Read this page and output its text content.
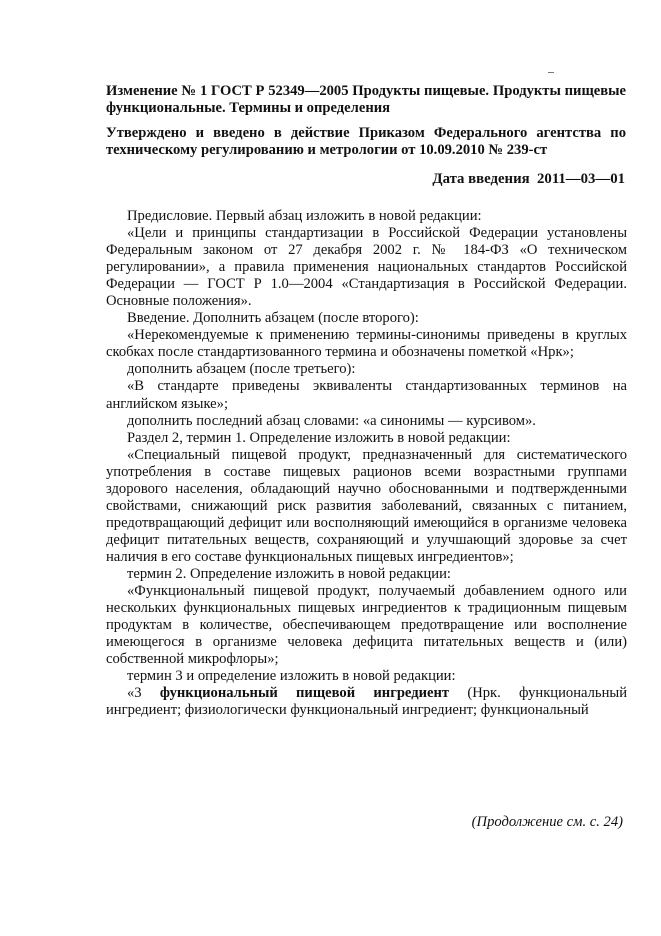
Изменение № 1 ГОСТ Р 52349—2005 Продукты пищевые. Продукты пищевые функциональные. Термины и определения
Утверждено и введено в действие Приказом Федерального агентства по техническому регулированию и метрологии от 10.09.2010 № 239-ст
Дата введения 2011—03—01

Предисловие. Первый абзац изложить в новой редакции:

«Цели и принципы стандартизации в Российской Федерации установлены Федеральным законом от 27 декабря 2002 г. № 184-ФЗ «О техническом регулировании», а правила применения национальных стандартов Российской Федерации — ГОСТ Р 1.0—2004 «Стандартизация в Российской Федерации. Основные положения».

Введение. Дополнить абзацем (после второго):

«Нерекомендуемые к применению термины-синонимы приведены в круглых скобках после стандартизованного термина и обозначены пометкой «Нрк»;

дополнить абзацем (после третьего):

«В стандарте приведены эквиваленты стандартизованных терминов на английском языке»;

дополнить последний абзац словами: «а синонимы — курсивом».

Раздел 2, термин 1. Определение изложить в новой редакции:

«Специальный пищевой продукт, предназначенный для систематического употребления в составе пищевых рационов всеми возрастными группами здорового населения, обладающий научно обоснованными и подтвержденными свойствами, снижающий риск развития заболеваний, связанных с питанием, предотвращающий дефицит или восполняющий имеющийся в организме человека дефицит питательных веществ, сохраняющий и улучшающий здоровье за счет наличия в его составе функциональных пищевых ингредиентов»;

термин 2. Определение изложить в новой редакции:

«Функциональный пищевой продукт, получаемый добавлением одного или нескольких функциональных пищевых ингредиентов к традиционным пищевым продуктам в количестве, обеспечивающем предотвращение или восполнение имеющегося в организме человека дефицита питательных веществ и (или) собственной микрофлоры»;

термин 3 и определение изложить в новой редакции:

«3 функциональный пищевой ингредиент (Нрк. функциональный ингредиент; физиологически функциональный ингредиент; функциональный

(Продолжение см. с. 24)
